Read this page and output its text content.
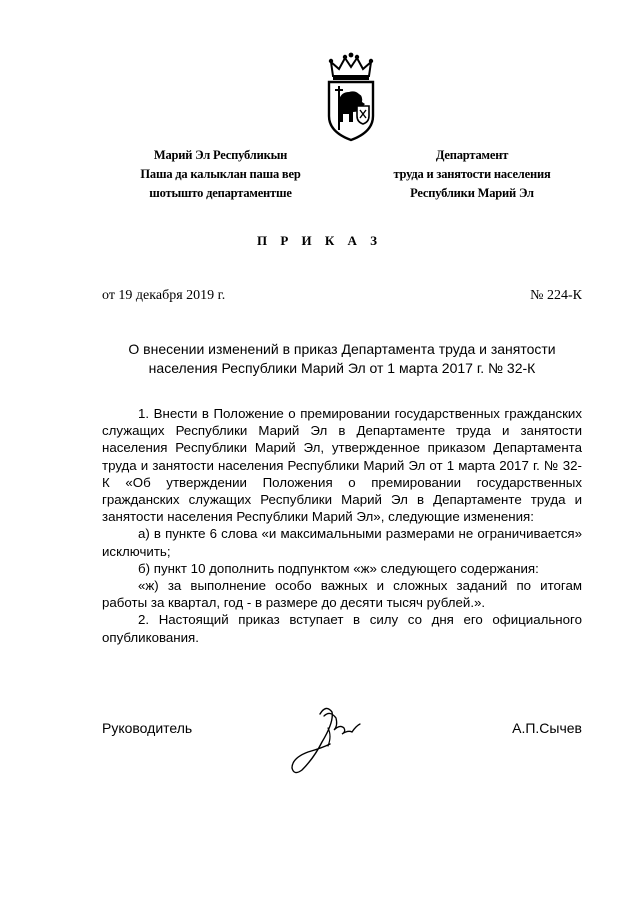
Марий Эл Республикын
Паша да калыклан паша вер
шотышто департаментше
Департамент
труда и занятости населения
Республики Марий Эл
П Р И К А З
от 19 декабря 2019 г.	№ 224-К
О внесении изменений в приказ Департамента труда и занятости населения Республики Марий Эл от 1 марта 2017 г. № 32-К

1. Внести в Положение о премировании государственных гражданских служащих Республики Марий Эл в Департаменте труда и занятости населения Республики Марий Эл, утвержденное приказом Департамента труда и занятости населения Республики Марий Эл от 1 марта 2017 г. № 32-К «Об утверждении Положения о премировании государственных гражданских служащих Республики Марий Эл в Департаменте труда и занятости населения Республики Марий Эл», следующие изменения:

а) в пункте 6 слова «и максимальными размерами не ограничивается» исключить;

б) пункт 10 дополнить подпунктом «ж» следующего содержания:

«ж) за выполнение особо важных и сложных заданий по итогам работы за квартал, год - в размере до десяти тысяч рублей.».

2. Настоящий приказ вступает в силу со дня его официального опубликования.

Руководитель	А.П.Сычев
